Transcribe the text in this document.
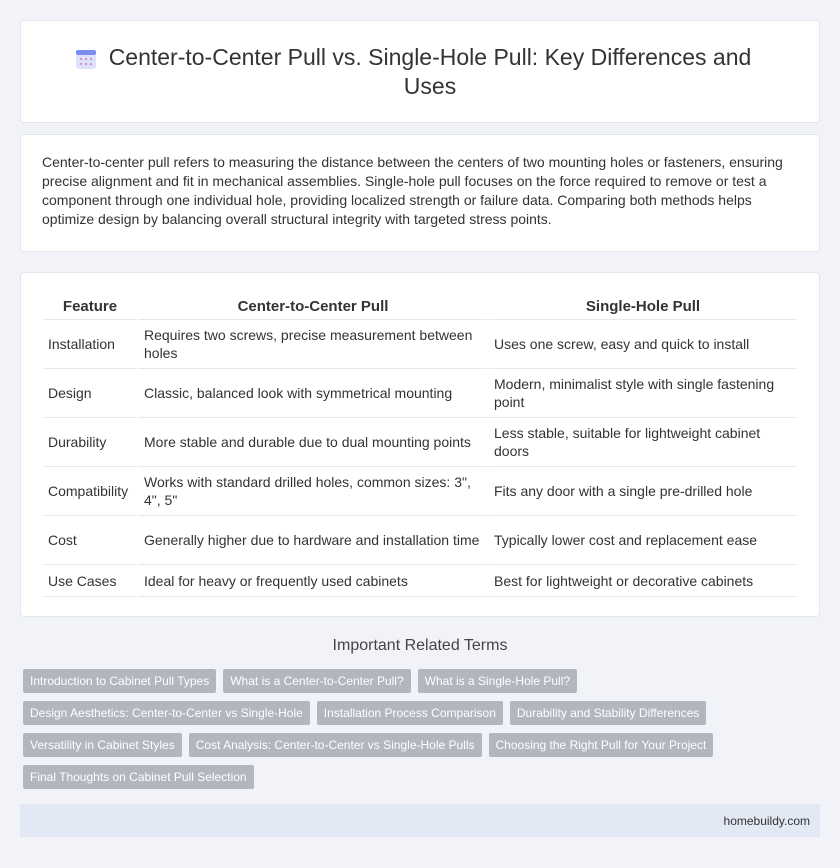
Center-to-Center Pull vs. Single-Hole Pull: Key Differences and Uses

Center-to-center pull refers to measuring the distance between the centers of two mounting holes or fasteners, ensuring precise alignment and fit in mechanical assemblies. Single-hole pull focuses on the force required to remove or test a component through one individual hole, providing localized strength or failure data. Comparing both methods helps optimize design by balancing overall structural integrity with targeted stress points.

Feature	Center-to-Center Pull	Single-Hole Pull
Installation	Requires two screws, precise measurement between holes	Uses one screw, easy and quick to install
Design	Classic, balanced look with symmetrical mounting	Modern, minimalist style with single fastening point
Durability	More stable and durable due to dual mounting points	Less stable, suitable for lightweight cabinet doors
Compatibility	Works with standard drilled holes, common sizes: 3", 4", 5"	Fits any door with a single pre-drilled hole
Cost	Generally higher due to hardware and installation time	Typically lower cost and replacement ease
Use Cases	Ideal for heavy or frequently used cabinets	Best for lightweight or decorative cabinets
Important Related Terms
Introduction to Cabinet Pull Types	What is a Center-to-Center Pull?	What is a Single-Hole Pull?
Design Aesthetics: Center-to-Center vs Single-Hole	Installation Process Comparison	Durability and Stability Differences
Versatility in Cabinet Styles	Cost Analysis: Center-to-Center vs Single-Hole Pulls	Choosing the Right Pull for Your Project
Final Thoughts on Cabinet Pull Selection
homebuildy.com
